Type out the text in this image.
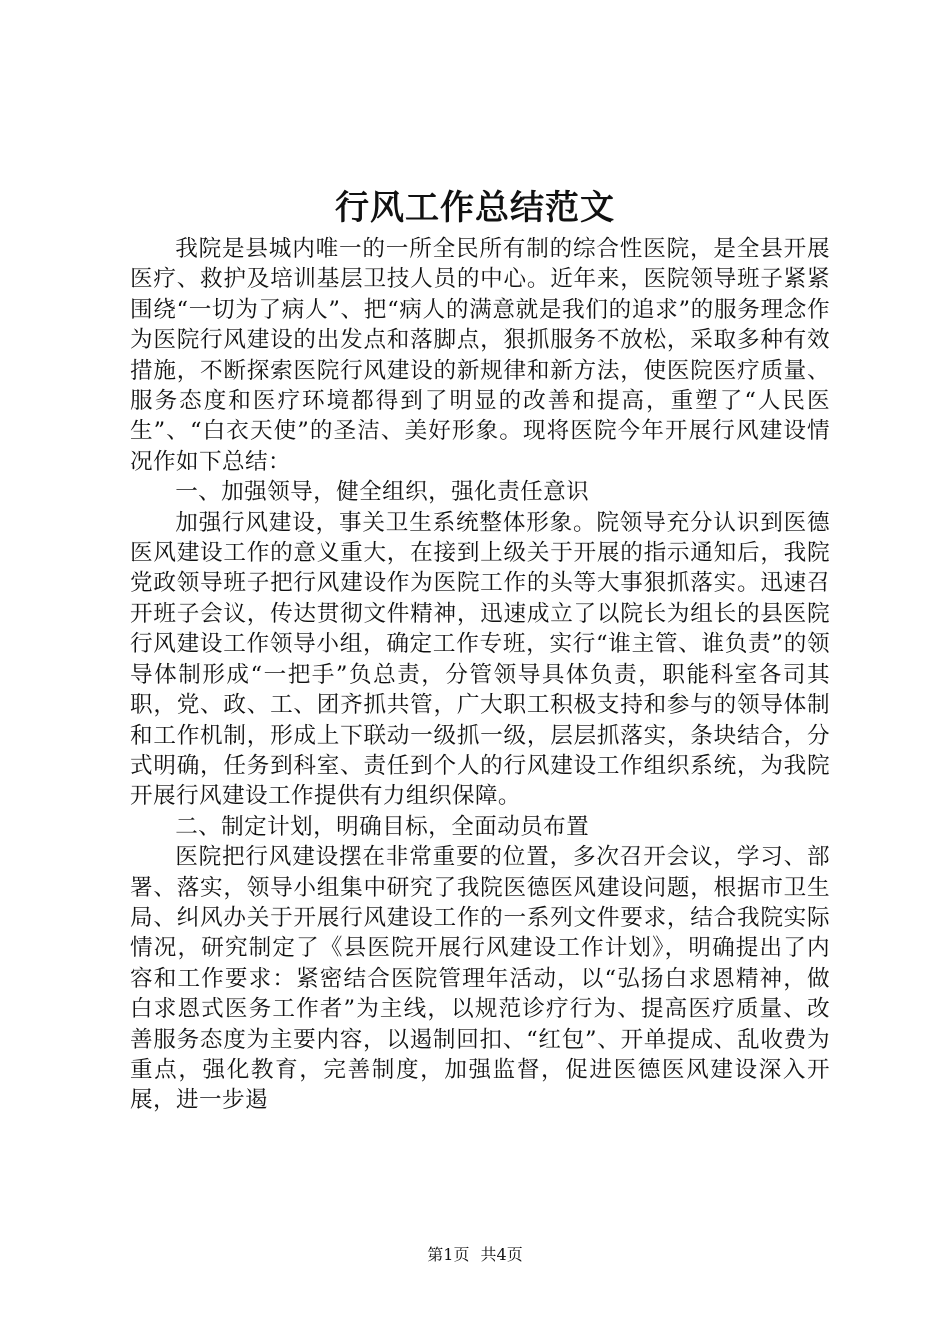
行风工作总结范文

我院是县城内唯一的一所全民所有制的综合性医院，是全县开展医疗、救护及培训基层卫技人员的中心。近年来，医院领导班子紧紧围绕“一切为了病人”、把“病人的满意就是我们的追求”的服务理念作为医院行风建设的出发点和落脚点，狠抓服务不放松，采取多种有效措施，不断探索医院行风建设的新规律和新方法，使医院医疗质量、服务态度和医疗环境都得到了明显的改善和提高，重塑了“人民医生”、“白衣天使”的圣洁、美好形象。现将医院今年开展行风建设情况作如下总结：

一、加强领导，健全组织，强化责任意识

加强行风建设，事关卫生系统整体形象。院领导充分认识到医德医风建设工作的意义重大，在接到上级关于开展的指示通知后，我院党政领导班子把行风建设作为医院工作的头等大事狠抓落实。迅速召开班子会议，传达贯彻文件精神，迅速成立了以院长为组长的县医院行风建设工作领导小组，确定工作专班，实行“谁主管、谁负责”的领导体制形成“一把手”负总责，分管领导具体负责，职能科室各司其职，党、政、工、团齐抓共管，广大职工积极支持和参与的领导体制和工作机制，形成上下联动一级抓一级，层层抓落实，条块结合，分式明确，任务到科室、责任到个人的行风建设工作组织系统，为我院开展行风建设工作提供有力组织保障。

二、制定计划，明确目标，全面动员布置

医院把行风建设摆在非常重要的位置，多次召开会议，学习、部署、落实，领导小组集中研究了我院医德医风建设问题，根据市卫生局、纠风办关于开展行风建设工作的一系列文件要求，结合我院实际情况，研究制定了《县医院开展行风建设工作计划》，明确提出了内容和工作要求：紧密结合医院管理年活动，以“弘扬白求恩精神，做白求恩式医务工作者”为主线，以规范诊疗行为、提高医疗质量、改善服务态度为主要内容，以遏制回扣、“红包”、开单提成、乱收费为重点，强化教育，完善制度，加强监督，促进医德医风建设深入开展，进一步遏

第1页 共4页
